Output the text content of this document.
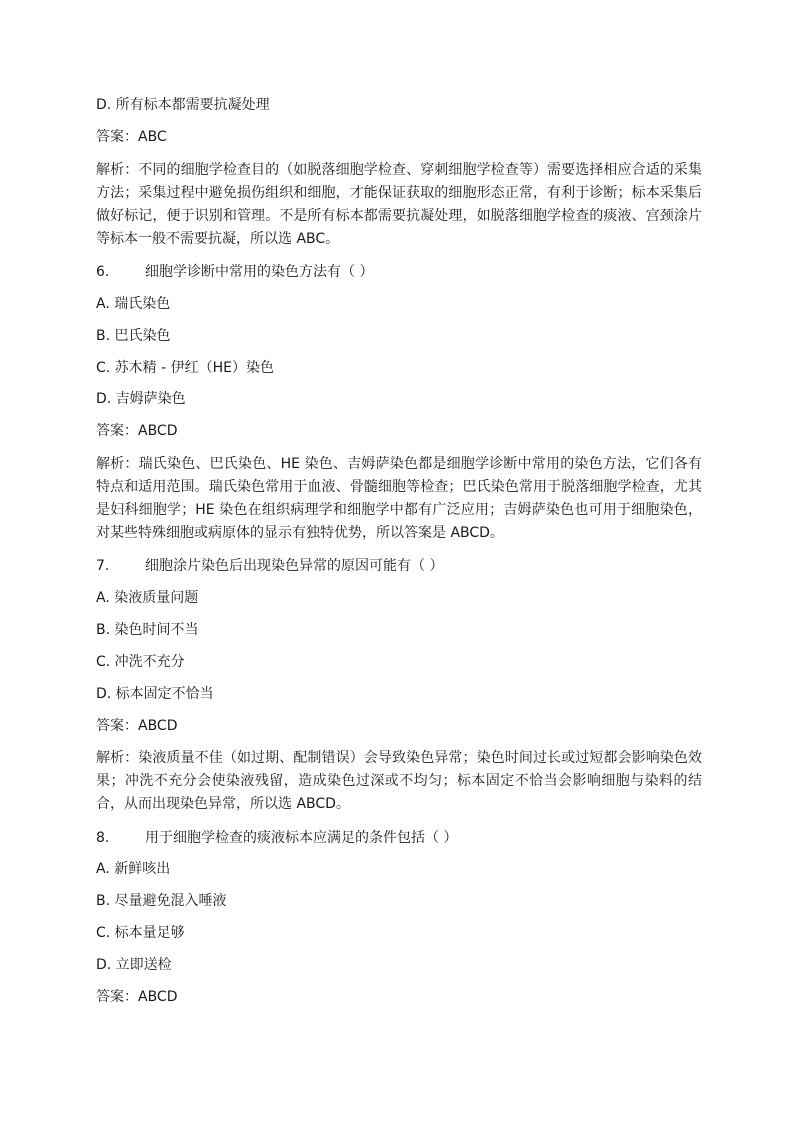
D. 所有标本都需要抗凝处理
答案：ABC
解析：不同的细胞学检查目的（如脱落细胞学检查、穿刺细胞学检查等）需要选择相应合适的采集方法；采集过程中避免损伤组织和细胞，才能保证获取的细胞形态正常，有利于诊断；标本采集后做好标记，便于识别和管理。不是所有标本都需要抗凝处理，如脱落细胞学检查的痰液、宫颈涂片等标本一般不需要抗凝，所以选 ABC。
6.	细胞学诊断中常用的染色方法有（ ）
A. 瑞氏染色
B. 巴氏染色
C. 苏木精 - 伊红（HE）染色
D. 吉姆萨染色
答案：ABCD
解析：瑞氏染色、巴氏染色、HE 染色、吉姆萨染色都是细胞学诊断中常用的染色方法，它们各有特点和适用范围。瑞氏染色常用于血液、骨髓细胞等检查；巴氏染色常用于脱落细胞学检查，尤其是妇科细胞学；HE 染色在组织病理学和细胞学中都有广泛应用；吉姆萨染色也可用于细胞染色，对某些特殊细胞或病原体的显示有独特优势，所以答案是 ABCD。
7.	细胞涂片染色后出现染色异常的原因可能有（ ）
A. 染液质量问题
B. 染色时间不当
C. 冲洗不充分
D. 标本固定不恰当
答案：ABCD
解析：染液质量不佳（如过期、配制错误）会导致染色异常；染色时间过长或过短都会影响染色效果；冲洗不充分会使染液残留，造成染色过深或不均匀；标本固定不恰当会影响细胞与染料的结合，从而出现染色异常，所以选 ABCD。
8.	用于细胞学检查的痰液标本应满足的条件包括（ ）
A. 新鲜咳出
B. 尽量避免混入唾液
C. 标本量足够
D. 立即送检
答案：ABCD
